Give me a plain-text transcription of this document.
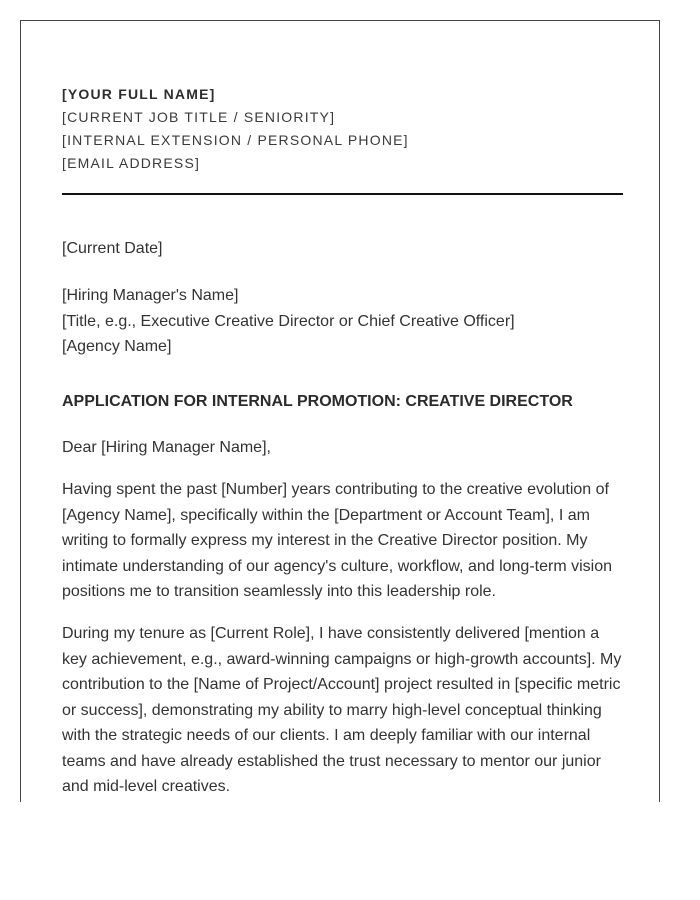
[YOUR FULL NAME]
[CURRENT JOB TITLE / SENIORITY]
[INTERNAL EXTENSION / PERSONAL PHONE]
[EMAIL ADDRESS]
[Current Date]
[Hiring Manager's Name]
[Title, e.g., Executive Creative Director or Chief Creative Officer]
[Agency Name]
APPLICATION FOR INTERNAL PROMOTION: CREATIVE DIRECTOR
Dear [Hiring Manager Name],
Having spent the past [Number] years contributing to the creative evolution of
[Agency Name], specifically within the [Department or Account Team], I am
writing to formally express my interest in the Creative Director position. My
intimate understanding of our agency's culture, workflow, and long-term vision
positions me to transition seamlessly into this leadership role.
During my tenure as [Current Role], I have consistently delivered [mention a
key achievement, e.g., award-winning campaigns or high-growth accounts]. My
contribution to the [Name of Project/Account] project resulted in [specific metric
or success], demonstrating my ability to marry high-level conceptual thinking
with the strategic needs of our clients. I am deeply familiar with our internal
teams and have already established the trust necessary to mentor our junior
and mid-level creatives.
